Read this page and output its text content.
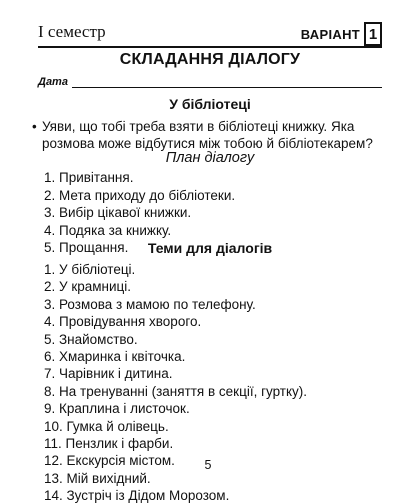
I семестр	ВАРІАНТ 1
СКЛАДАННЯ ДІАЛОГУ
Дата
У бібліотеці
• Уяви, що тобі треба взяти в бібліотеці книжку. Яка розмова може відбутися між тобою й бібліотекарем?
План діалогу
1. Привітання.
2. Мета приходу до бібліотеки.
3. Вибір цікавої книжки.
4. Подяка за книжку.
5. Прощання.	Теми для діалогів
1. У бібліотеці.
2. У крамниці.
3. Розмова з мамою по телефону.
4. Провідування хворого.
5. Знайомство.
6. Хмаринка і квіточка.
7. Чарівник і дитина.
8. На тренуванні (заняття в секції, гуртку).
9. Краплина і листочок.
10. Гумка й олівець.
11. Пензлик і фарби.
12. Екскурсія містом.
13. Мій вихідний.
14. Зустріч із Дідом Морозом.
5
